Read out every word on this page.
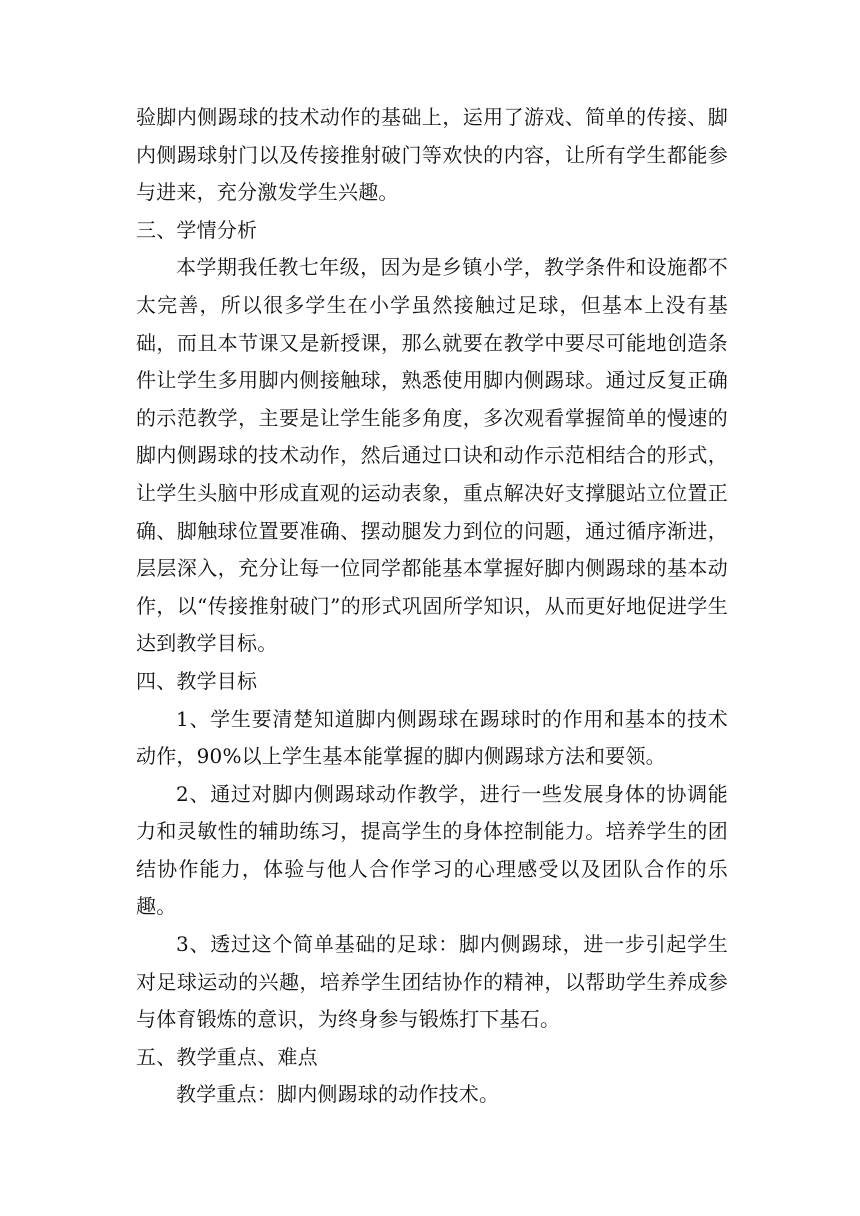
验脚内侧踢球的技术动作的基础上，运用了游戏、简单的传接、脚内侧踢球射门以及传接推射破门等欢快的内容，让所有学生都能参与进来，充分激发学生兴趣。

三、学情分析

本学期我任教七年级，因为是乡镇小学，教学条件和设施都不太完善，所以很多学生在小学虽然接触过足球，但基本上没有基础，而且本节课又是新授课，那么就要在教学中要尽可能地创造条件让学生多用脚内侧接触球，熟悉使用脚内侧踢球。通过反复正确的示范教学，主要是让学生能多角度，多次观看掌握简单的慢速的脚内侧踢球的技术动作，然后通过口诀和动作示范相结合的形式，让学生头脑中形成直观的运动表象，重点解决好支撑腿站立位置正确、脚触球位置要准确、摆动腿发力到位的问题，通过循序渐进，层层深入，充分让每一位同学都能基本掌握好脚内侧踢球的基本动作，以“传接推射破门”的形式巩固所学知识，从而更好地促进学生达到教学目标。

四、教学目标

1、学生要清楚知道脚内侧踢球在踢球时的作用和基本的技术动作，90%以上学生基本能掌握的脚内侧踢球方法和要领。

2、通过对脚内侧踢球动作教学，进行一些发展身体的协调能力和灵敏性的辅助练习，提高学生的身体控制能力。培养学生的团结协作能力，体验与他人合作学习的心理感受以及团队合作的乐趣。

3、透过这个简单基础的足球：脚内侧踢球，进一步引起学生对足球运动的兴趣，培养学生团结协作的精神，以帮助学生养成参与体育锻炼的意识，为终身参与锻炼打下基石。

五、教学重点、难点

教学重点：脚内侧踢球的动作技术。
